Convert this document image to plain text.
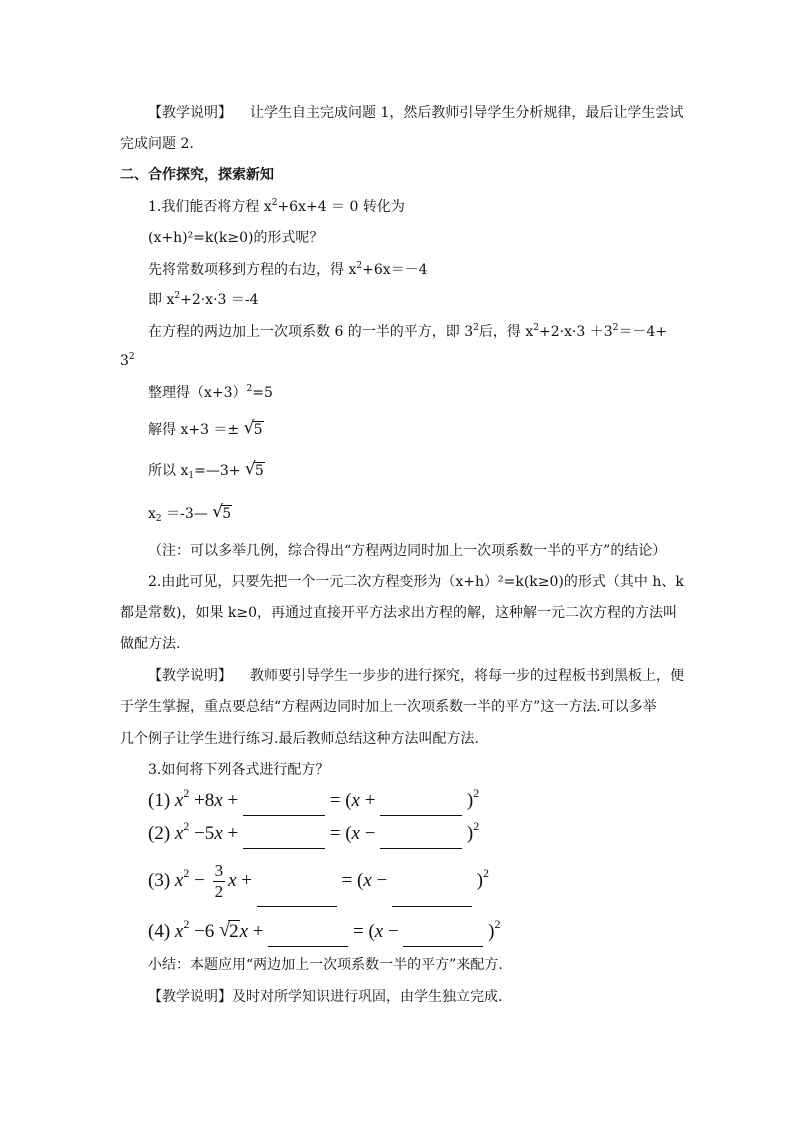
【教学说明】 让学生自主完成问题 1，然后教师引导学生分析规律，最后让学生尝试
完成问题 2.
二、合作探究，探索新知
1.我们能否将方程 $x^2+6x+4 = 0$ 转化为
(x+h)²=k(k≥0)的形式呢？
先将常数项移到方程的右边，得 $x^2+6x=-4$
即 $x^2+2\cdot x\cdot 3 =-4$
在方程的两边加上一次项系数 6 的一半的平方，即 $3^2$后，得 $x^2+2\cdot x\cdot 3 +3^2=-4+$
$3^2$
整理得$(x+3)^2=5$
解得 x+3 ＝± √ 5
所以 $x_1=—3+$ √ 5
$x_2$ ＝-3— √ 5
（注：可以多举几例，综合得出“方程两边同时加上一次项系数一半的平方”的结论）
2.由此可见，只要先把一个一元二次方程变形为（x+h）²=k(k≥0)的形式（其中 h、k
都是常数)，如果 k≥0，再通过直接开平方法求出方程的解，这种解一元二次方程的方法叫
做配方法.
【教学说明】 教师要引导学生一步步的进行探究，将每一步的过程板书到黑板上，便
于学生掌握，重点要总结“方程两边同时加上一次项系数一半的平方”这一方法.可以多举
几个例子让学生进行练习.最后教师总结这种方法叫配方法.
3.如何将下列各式进行配方？
(1) $x^2 +8x$ +	= (x +	)$^2$
(2) $x^2 -5x$ +	= (x −	)$^2$
(3) $x^2 - \frac{3}{2}$ x +	= (x −	)$^2$
(4) $x^2 -6$ √ 2x +	= (x −	)$^2$
小结：本题应用“两边加上一次项系数一半的平方”来配方.
【教学说明】及时对所学知识进行巩固，由学生独立完成.
